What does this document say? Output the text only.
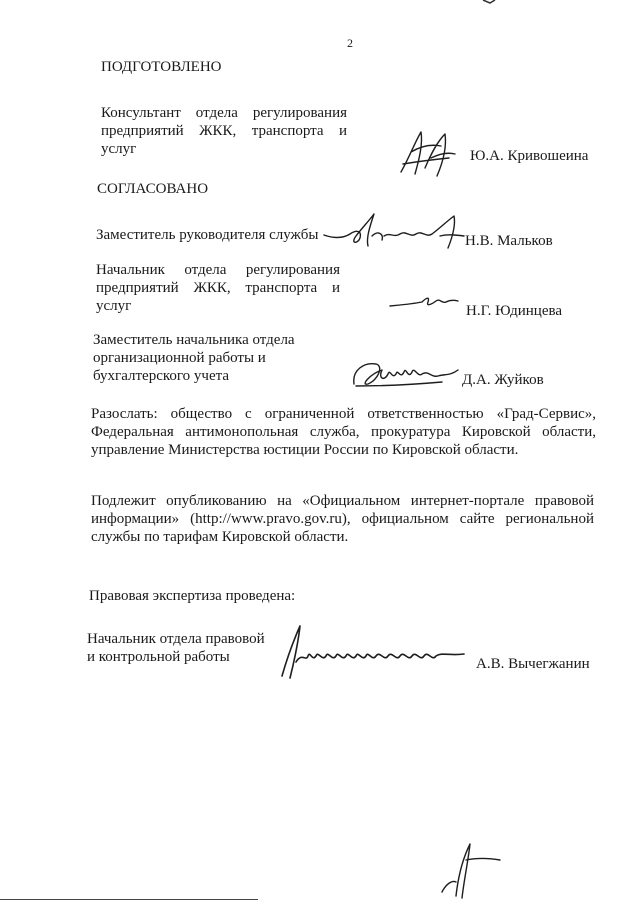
2
ПОДГОТОВЛЕНО
Консультант отдела регулирования
предприятий ЖКК, транспорта и
услуг	Ю.А. Кривошеина
СОГЛАСОВАНО
Заместитель руководителя службы	Н.В. Мальков
Начальник отдела регулирования
предприятий ЖКК, транспорта и
услуг	Н.Г. Юдинцева
Заместитель начальника отдела
организационной работы и
бухгалтерского учета	Д.А. Жуйков
Разослать: общество с ограниченной ответственностью «Град-Сервис»,
Федеральная антимонопольная служба, прокуратура Кировской области,
управление Министерства юстиции России по Кировской области.
Подлежит опубликованию на «Официальном интернет-портале правовой
информации» (http://www.pravo.gov.ru), официальном сайте региональной
службы по тарифам Кировской области.
Правовая экспертиза проведена:
Начальник отдела правовой
и контрольной работы	А.В. Вычегжанин
